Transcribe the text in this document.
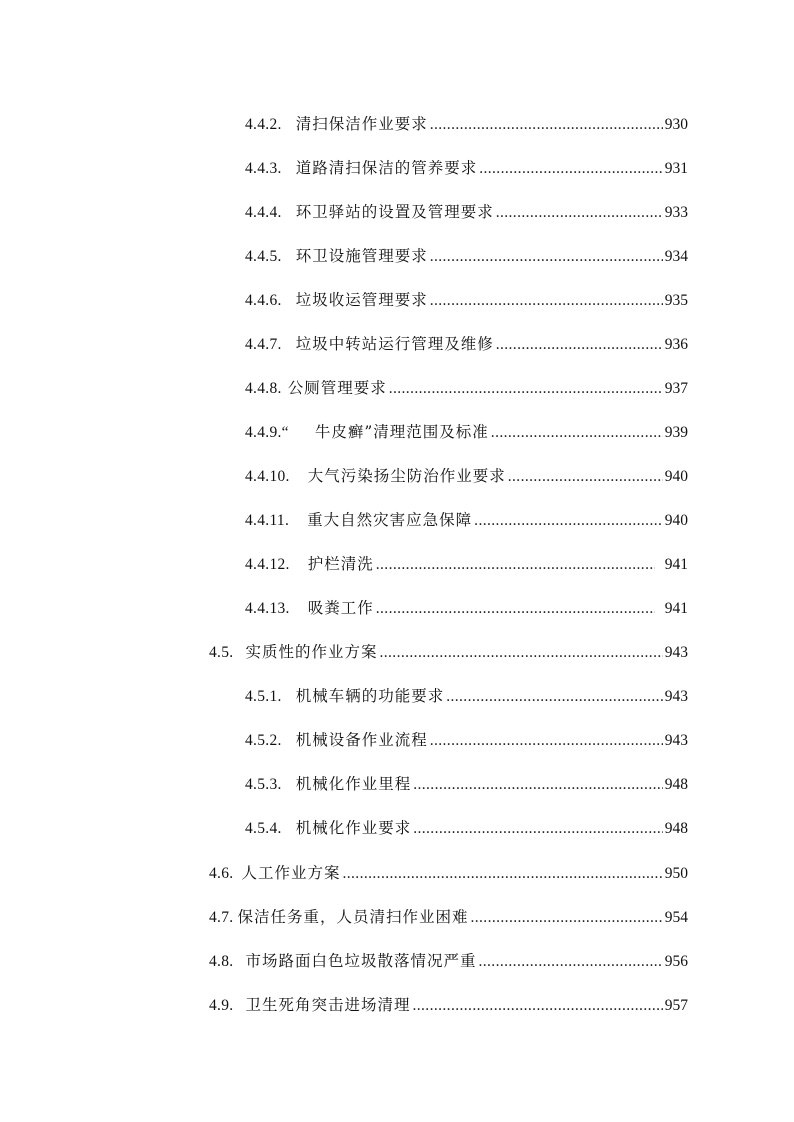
4.4.2. 清扫保洁作业要求 .....	930
4.4.3. 道路清扫保洁的管养要求 .....	931
4.4.4. 环卫驿站的设置及管理要求 .....	933
4.4.5. 环卫设施管理要求 .....	934
4.4.6. 垃圾收运管理要求 .....	935
4.4.7. 垃圾中转站运行管理及维修 .....	936
4.4.8. 公厕管理要求 .....	937
4.4.9.“ 牛皮癣”清理范围及标准 .....	939
4.4.10. 大气污染扬尘防治作业要求 .....	940
4.4.11. 重大自然灾害应急保障 .....	940
4.4.12. 护栏清洗 .....	941
4.4.13. 吸粪工作 .....	941
4.5. 实质性的作业方案 .....	943
4.5.1. 机械车辆的功能要求 .....	943
4.5.2. 机械设备作业流程 .....	943
4.5.3. 机械化作业里程 .....	948
4.5.4. 机械化作业要求 .....	948
4.6. 人工作业方案 .....	950
4.7. 保洁任务重，人员清扫作业困难 .....	954
4.8. 市场路面白色垃圾散落情况严重 .....	956
4.9. 卫生死角突击进场清理 .....	957
